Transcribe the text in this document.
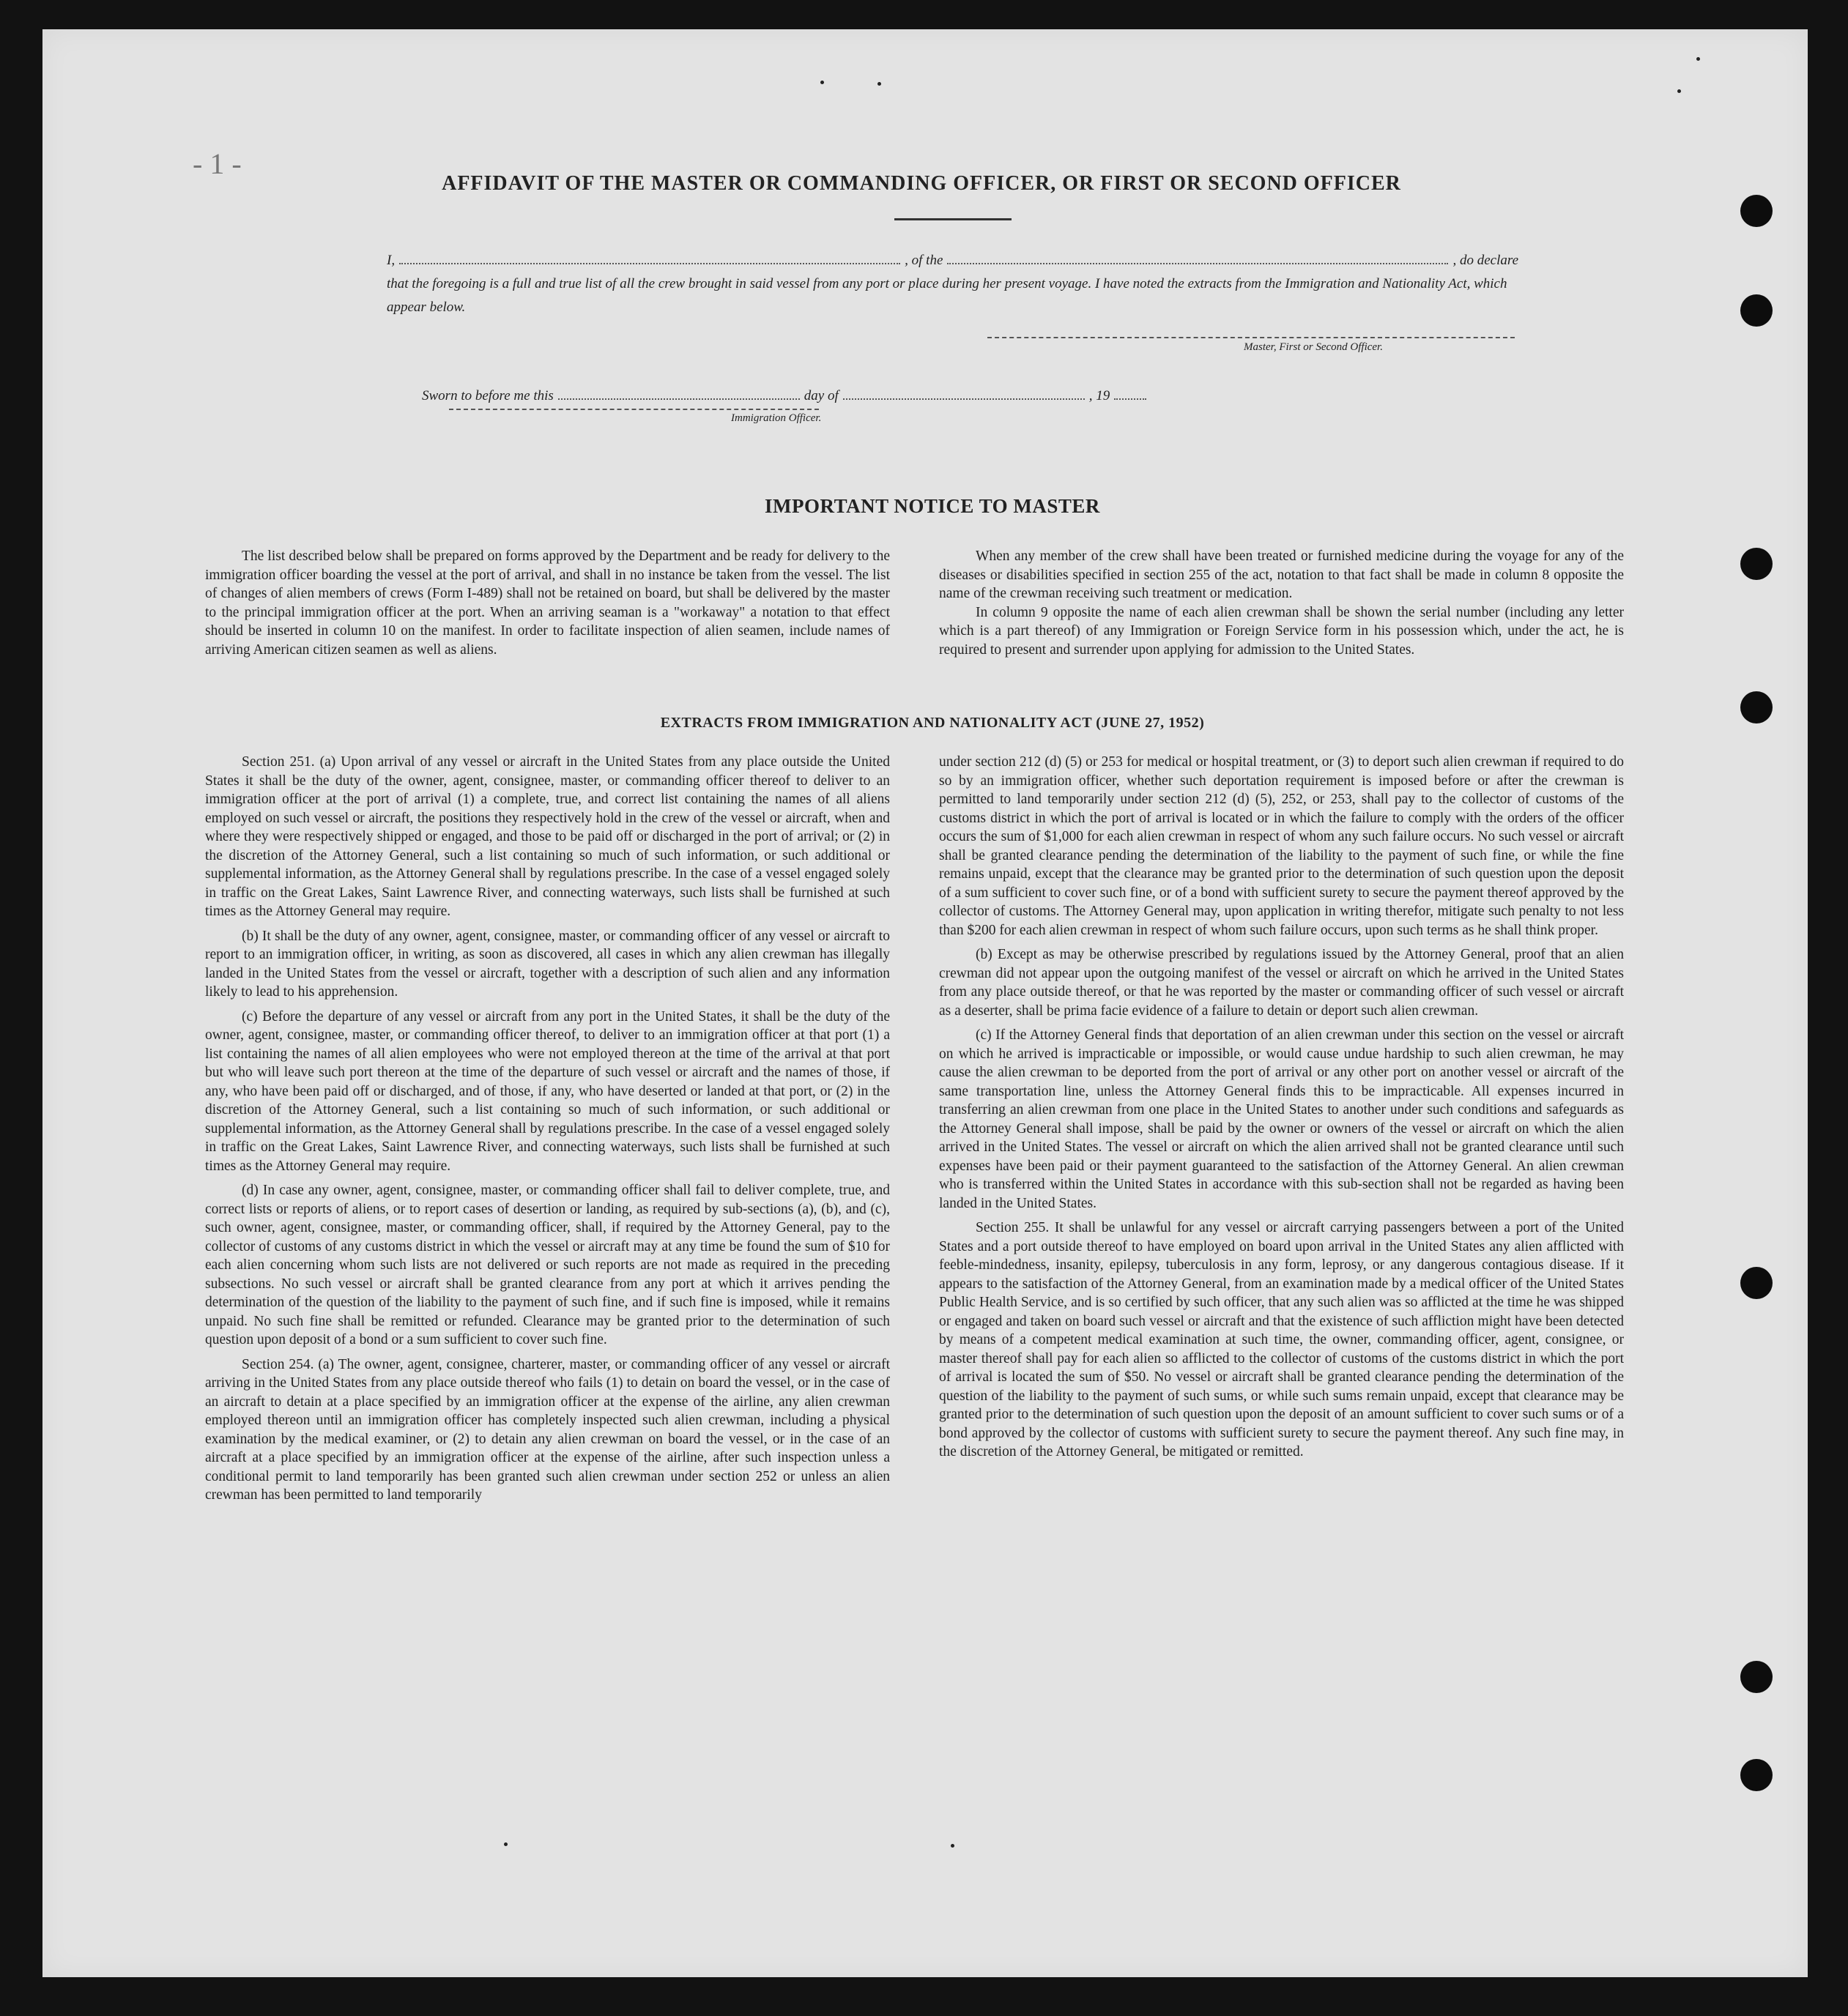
- 1 -
AFFIDAVIT OF THE MASTER OR COMMANDING OFFICER, OR FIRST OR SECOND OFFICER
I,	, of the	, do declare
that the foregoing is a full and true list of all the crew brought in said vessel from any port or place during her present voyage. I have noted the extracts from the Immigration and Nationality Act, which appear below.
Master, First or Second Officer.
Sworn to before me this	day of	, 19
Immigration Officer.
IMPORTANT NOTICE TO MASTER

The list described below shall be prepared on forms approved by the Department and be ready for delivery to the immigration officer boarding the vessel at the port of arrival, and shall in no instance be taken from the vessel. The list of changes of alien members of crews (Form I-489) shall not be retained on board, but shall be delivered by the master to the principal immigration officer at the port. When an arriving seaman is a "workaway" a notation to that effect should be inserted in column 10 on the manifest. In order to facilitate inspection of alien seamen, include names of arriving American citizen seamen as well as aliens.

When any member of the crew shall have been treated or furnished medicine during the voyage for any of the diseases or disabilities specified in section 255 of the act, notation to that fact shall be made in column 8 opposite the name of the crewman receiving such treatment or medication.

In column 9 opposite the name of each alien crewman shall be shown the serial number (including any letter which is a part thereof) of any Immigration or Foreign Service form in his possession which, under the act, he is required to present and surrender upon applying for admission to the United States.

EXTRACTS FROM IMMIGRATION AND NATIONALITY ACT (JUNE 27, 1952)

Section 251. (a) Upon arrival of any vessel or aircraft in the United States from any place outside the United States it shall be the duty of the owner, agent, consignee, master, or commanding officer thereof to deliver to an immigration officer at the port of arrival (1) a complete, true, and correct list containing the names of all aliens employed on such vessel or aircraft, the positions they respectively hold in the crew of the vessel or aircraft, when and where they were respectively shipped or engaged, and those to be paid off or discharged in the port of arrival; or (2) in the discretion of the Attorney General, such a list containing so much of such information, or such additional or supplemental information, as the Attorney General shall by regulations prescribe. In the case of a vessel engaged solely in traffic on the Great Lakes, Saint Lawrence River, and connecting waterways, such lists shall be furnished at such times as the Attorney General may require.

(b) It shall be the duty of any owner, agent, consignee, master, or commanding officer of any vessel or aircraft to report to an immigration officer, in writing, as soon as discovered, all cases in which any alien crewman has illegally landed in the United States from the vessel or aircraft, together with a description of such alien and any information likely to lead to his apprehension.

(c) Before the departure of any vessel or aircraft from any port in the United States, it shall be the duty of the owner, agent, consignee, master, or commanding officer thereof, to deliver to an immigration officer at that port (1) a list containing the names of all alien employees who were not employed thereon at the time of the arrival at that port but who will leave such port thereon at the time of the departure of such vessel or aircraft and the names of those, if any, who have been paid off or discharged, and of those, if any, who have deserted or landed at that port, or (2) in the discretion of the Attorney General, such a list containing so much of such information, or such additional or supplemental information, as the Attorney General shall by regulations prescribe. In the case of a vessel engaged solely in traffic on the Great Lakes, Saint Lawrence River, and connecting waterways, such lists shall be furnished at such times as the Attorney General may require.

(d) In case any owner, agent, consignee, master, or commanding officer shall fail to deliver complete, true, and correct lists or reports of aliens, or to report cases of desertion or landing, as required by sub-sections (a), (b), and (c), such owner, agent, consignee, master, or commanding officer, shall, if required by the Attorney General, pay to the collector of customs of any customs district in which the vessel or aircraft may at any time be found the sum of $10 for each alien concerning whom such lists are not delivered or such reports are not made as required in the preceding subsections. No such vessel or aircraft shall be granted clearance from any port at which it arrives pending the determination of the question of the liability to the payment of such fine, and if such fine is imposed, while it remains unpaid. No such fine shall be remitted or refunded. Clearance may be granted prior to the determination of such question upon deposit of a bond or a sum sufficient to cover such fine.

Section 254. (a) The owner, agent, consignee, charterer, master, or commanding officer of any vessel or aircraft arriving in the United States from any place outside thereof who fails (1) to detain on board the vessel, or in the case of an aircraft to detain at a place specified by an immigration officer at the expense of the airline, any alien crewman employed thereon until an immigration officer has completely inspected such alien crewman, including a physical examination by the medical examiner, or (2) to detain any alien crewman on board the vessel, or in the case of an aircraft at a place specified by an immigration officer at the expense of the airline, after such inspection unless a conditional permit to land temporarily has been granted such alien crewman under section 252 or unless an alien crewman has been permitted to land temporarily

under section 212 (d) (5) or 253 for medical or hospital treatment, or (3) to deport such alien crewman if required to do so by an immigration officer, whether such deportation requirement is imposed before or after the crewman is permitted to land temporarily under section 212 (d) (5), 252, or 253, shall pay to the collector of customs of the customs district in which the port of arrival is located or in which the failure to comply with the orders of the officer occurs the sum of $1,000 for each alien crewman in respect of whom any such failure occurs. No such vessel or aircraft shall be granted clearance pending the determination of the liability to the payment of such fine, or while the fine remains unpaid, except that the clearance may be granted prior to the determination of such question upon the deposit of a sum sufficient to cover such fine, or of a bond with sufficient surety to secure the payment thereof approved by the collector of customs. The Attorney General may, upon application in writing therefor, mitigate such penalty to not less than $200 for each alien crewman in respect of whom such failure occurs, upon such terms as he shall think proper.

(b) Except as may be otherwise prescribed by regulations issued by the Attorney General, proof that an alien crewman did not appear upon the outgoing manifest of the vessel or aircraft on which he arrived in the United States from any place outside thereof, or that he was reported by the master or commanding officer of such vessel or aircraft as a deserter, shall be prima facie evidence of a failure to detain or deport such alien crewman.

(c) If the Attorney General finds that deportation of an alien crewman under this section on the vessel or aircraft on which he arrived is impracticable or impossible, or would cause undue hardship to such alien crewman, he may cause the alien crewman to be deported from the port of arrival or any other port on another vessel or aircraft of the same transportation line, unless the Attorney General finds this to be impracticable. All expenses incurred in transferring an alien crewman from one place in the United States to another under such conditions and safeguards as the Attorney General shall impose, shall be paid by the owner or owners of the vessel or aircraft on which the alien arrived in the United States. The vessel or aircraft on which the alien arrived shall not be granted clearance until such expenses have been paid or their payment guaranteed to the satisfaction of the Attorney General. An alien crewman who is transferred within the United States in accordance with this sub-section shall not be regarded as having been landed in the United States.

Section 255. It shall be unlawful for any vessel or aircraft carrying passengers between a port of the United States and a port outside thereof to have employed on board upon arrival in the United States any alien afflicted with feeble-mindedness, insanity, epilepsy, tuberculosis in any form, leprosy, or any dangerous contagious disease. If it appears to the satisfaction of the Attorney General, from an examination made by a medical officer of the United States Public Health Service, and is so certified by such officer, that any such alien was so afflicted at the time he was shipped or engaged and taken on board such vessel or aircraft and that the existence of such affliction might have been detected by means of a competent medical examination at such time, the owner, commanding officer, agent, consignee, or master thereof shall pay for each alien so afflicted to the collector of customs of the customs district in which the port of arrival is located the sum of $50. No vessel or aircraft shall be granted clearance pending the determination of the question of the liability to the payment of such sums, or while such sums remain unpaid, except that clearance may be granted prior to the determination of such question upon the deposit of an amount sufficient to cover such sums or of a bond approved by the collector of customs with sufficient surety to secure the payment thereof. Any such fine may, in the discretion of the Attorney General, be mitigated or remitted.
